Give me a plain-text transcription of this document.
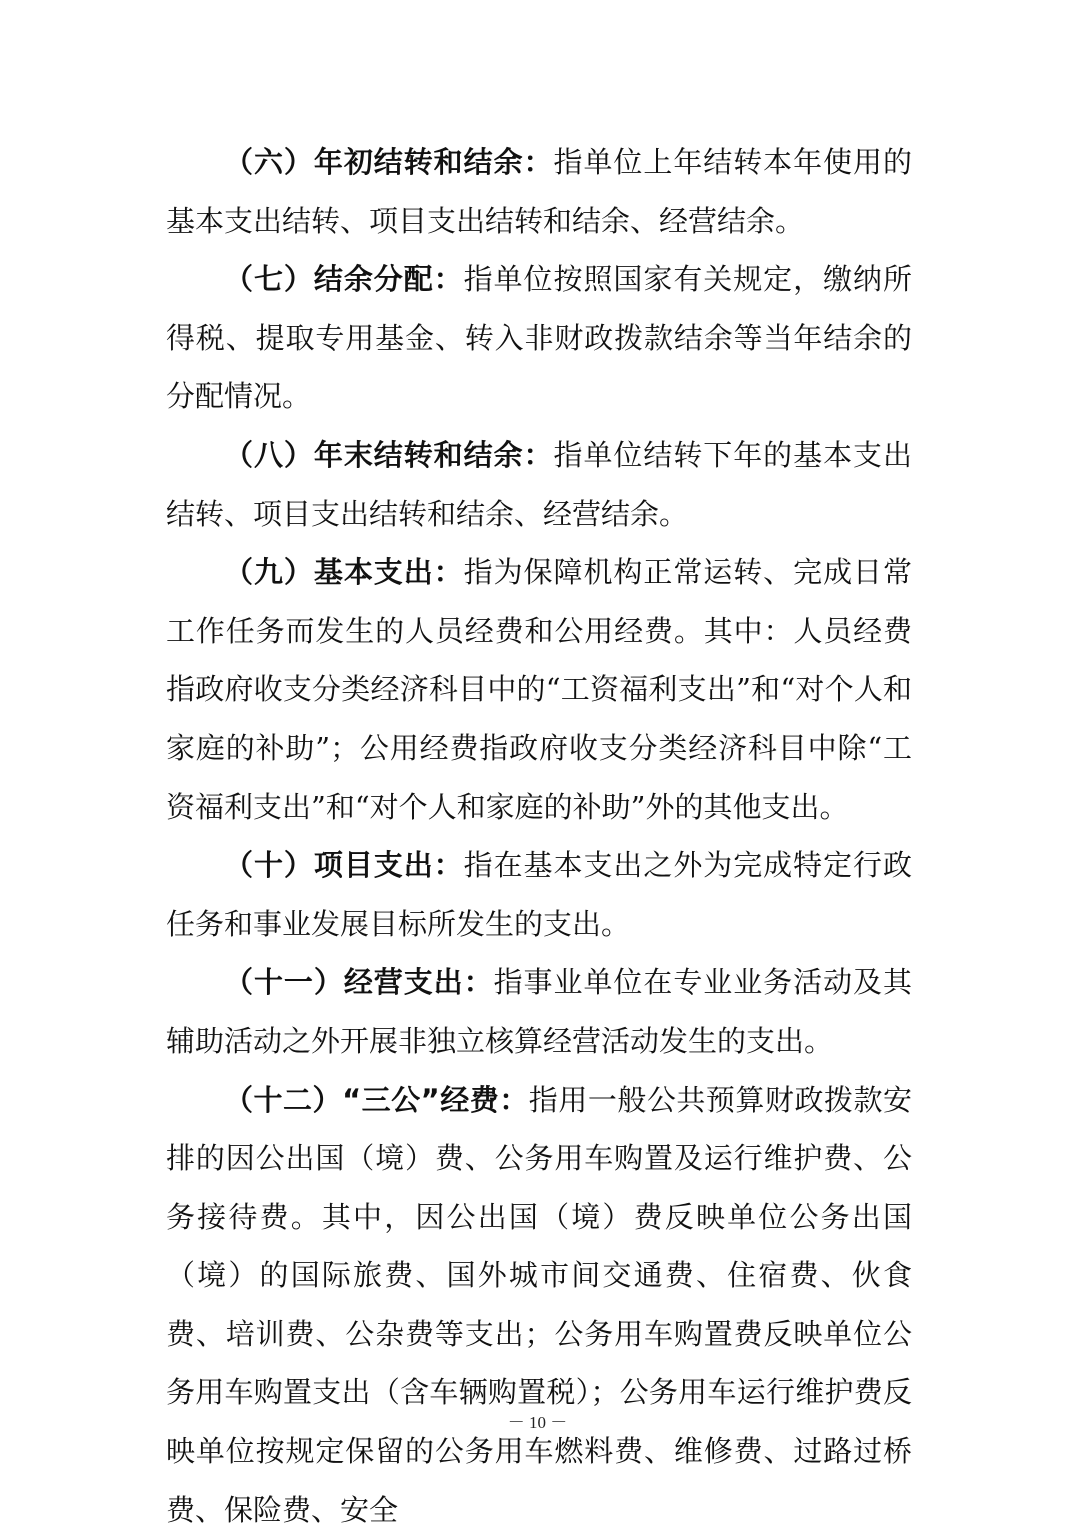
（六）年初结转和结余：指单位上年结转本年使用的基本支出结转、项目支出结转和结余、经营结余。

（七）结余分配：指单位按照国家有关规定，缴纳所得税、提取专用基金、转入非财政拨款结余等当年结余的分配情况。

（八）年末结转和结余：指单位结转下年的基本支出结转、项目支出结转和结余、经营结余。

（九）基本支出：指为保障机构正常运转、完成日常工作任务而发生的人员经费和公用经费。其中：人员经费指政府收支分类经济科目中的“工资福利支出”和“对个人和家庭的补助”；公用经费指政府收支分类经济科目中除“工资福利支出”和“对个人和家庭的补助”外的其他支出。

（十）项目支出：指在基本支出之外为完成特定行政任务和事业发展目标所发生的支出。

（十一）经营支出：指事业单位在专业业务活动及其辅助活动之外开展非独立核算经营活动发生的支出。

（十二）“三公”经费：指用一般公共预算财政拨款安排的因公出国（境）费、公务用车购置及运行维护费、公务接待费。其中，因公出国（境）费反映单位公务出国（境）的国际旅费、国外城市间交通费、住宿费、伙食费、培训费、公杂费等支出；公务用车购置费反映单位公务用车购置支出（含车辆购置税）；公务用车运行维护费反映单位按规定保留的公务用车燃料费、维修费、过路过桥费、保险费、安全

－ 10 －
